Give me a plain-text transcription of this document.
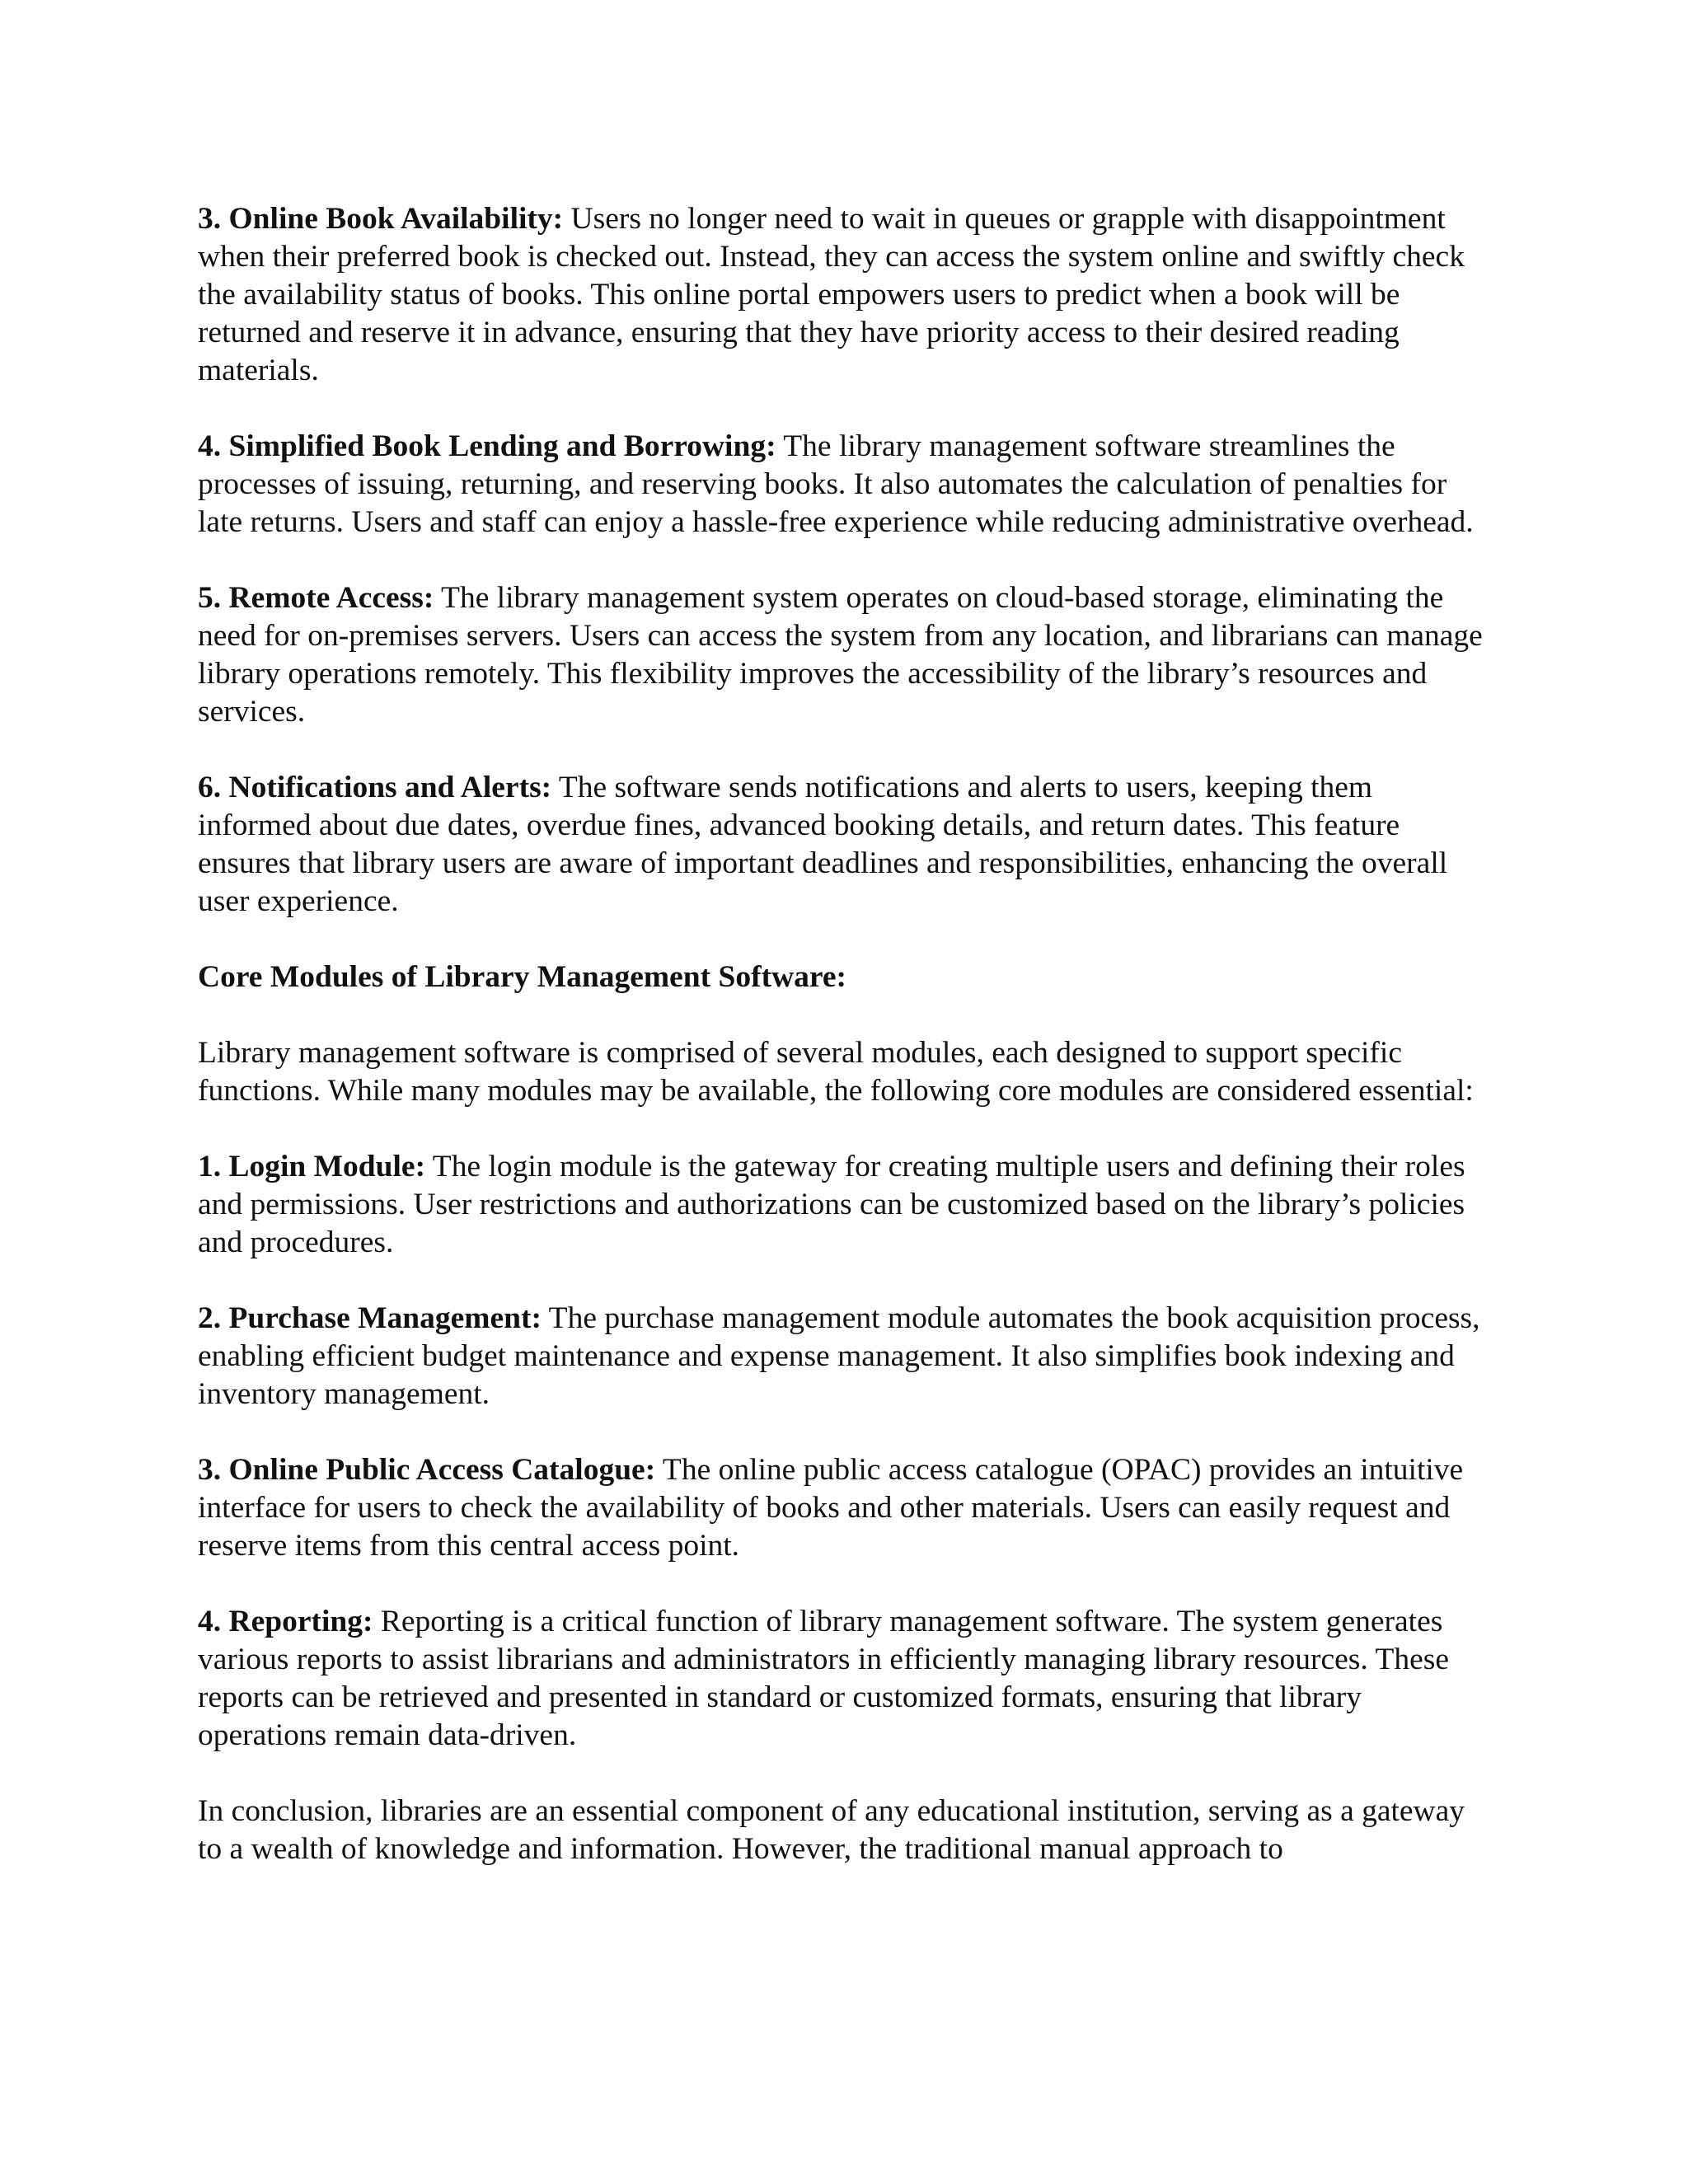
3. Online Book Availability: Users no longer need to wait in queues or grapple with disappointment when their preferred book is checked out. Instead, they can access the system online and swiftly check the availability status of books. This online portal empowers users to predict when a book will be returned and reserve it in advance, ensuring that they have priority access to their desired reading materials.

4. Simplified Book Lending and Borrowing: The library management software streamlines the processes of issuing, returning, and reserving books. It also automates the calculation of penalties for late returns. Users and staff can enjoy a hassle-free experience while reducing administrative overhead.

5. Remote Access: The library management system operates on cloud-based storage, eliminating the need for on-premises servers. Users can access the system from any location, and librarians can manage library operations remotely. This flexibility improves the accessibility of the library’s resources and services.

6. Notifications and Alerts: The software sends notifications and alerts to users, keeping them informed about due dates, overdue fines, advanced booking details, and return dates. This feature ensures that library users are aware of important deadlines and responsibilities, enhancing the overall user experience.

Core Modules of Library Management Software:

Library management software is comprised of several modules, each designed to support specific functions. While many modules may be available, the following core modules are considered essential:

1. Login Module: The login module is the gateway for creating multiple users and defining their roles and permissions. User restrictions and authorizations can be customized based on the library’s policies and procedures.

2. Purchase Management: The purchase management module automates the book acquisition process, enabling efficient budget maintenance and expense management. It also simplifies book indexing and inventory management.

3. Online Public Access Catalogue: The online public access catalogue (OPAC) provides an intuitive interface for users to check the availability of books and other materials. Users can easily request and reserve items from this central access point.

4. Reporting: Reporting is a critical function of library management software. The system generates various reports to assist librarians and administrators in efficiently managing library resources. These reports can be retrieved and presented in standard or customized formats, ensuring that library operations remain data-driven.

In conclusion, libraries are an essential component of any educational institution, serving as a gateway to a wealth of knowledge and information. However, the traditional manual approach to
